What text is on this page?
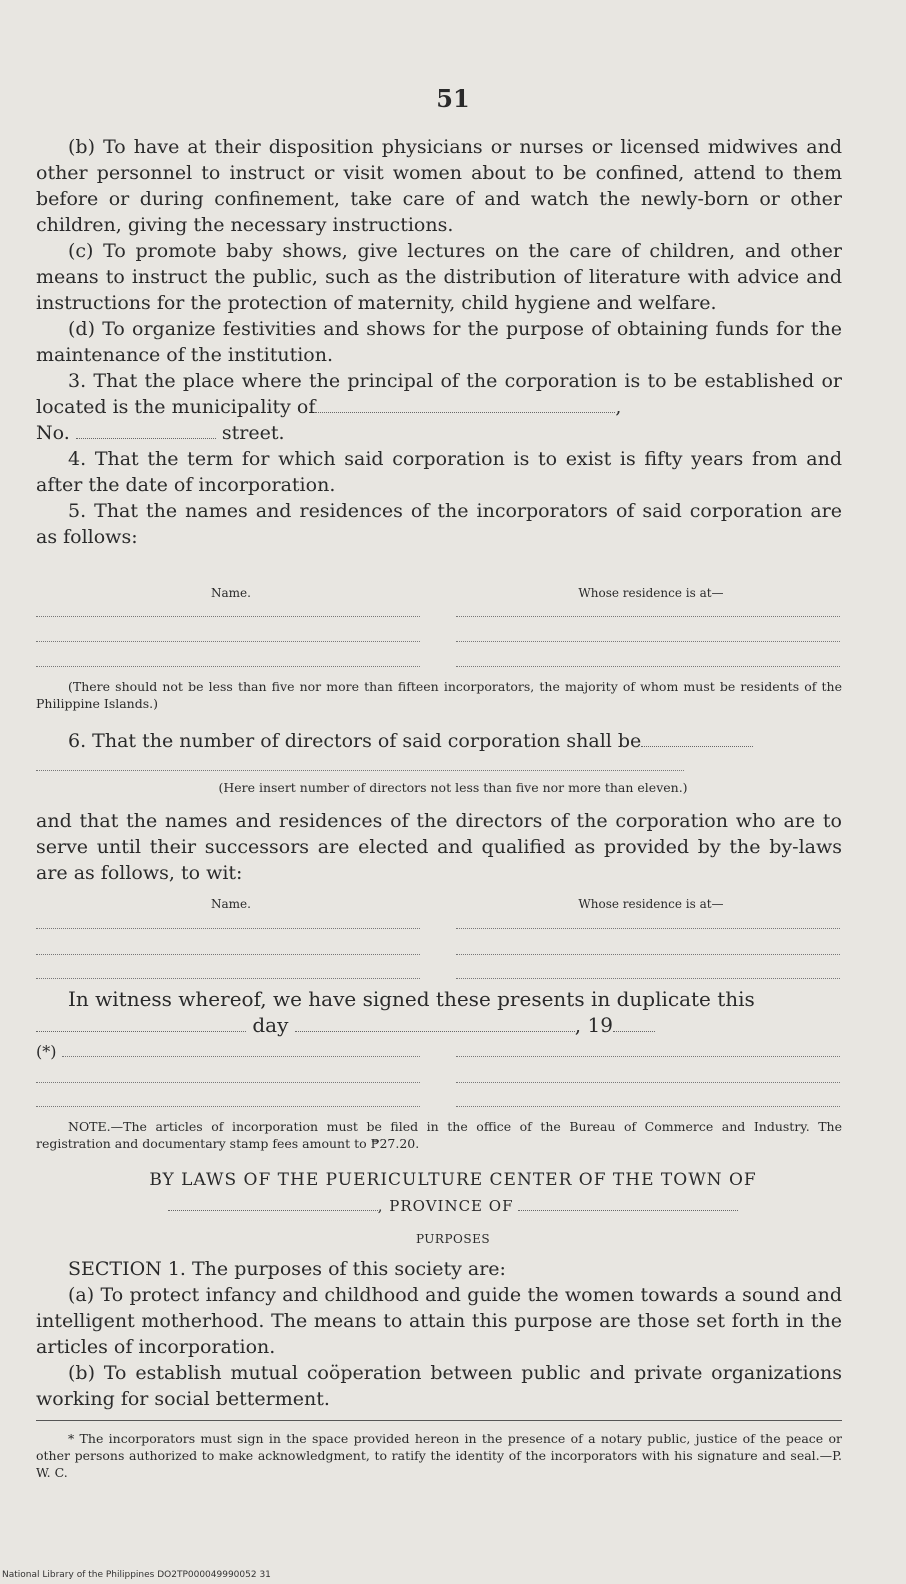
51

(b) To have at their disposition physicians or nurses or licensed midwives and other personnel to instruct or visit women about to be confined, attend to them before or during confinement, take care of and watch the newly-born or other children, giving the necessary instructions.

(c) To promote baby shows, give lectures on the care of children, and other means to instruct the public, such as the distribution of literature with advice and instructions for the protection of maternity, child hygiene and welfare.

(d) To organize festivities and shows for the purpose of obtaining funds for the maintenance of the institution.

3. That the place where the principal of the corporation is to be established or located is the municipality of	,

No.	street.

4. That the term for which said corporation is to exist is fifty years from and after the date of incorporation.

5. That the names and residences of the incorporators of said corporation are as follows:

Name.	Whose residence is at—
(There should not be less than five nor more than fifteen incorporators, the majority of whom must be residents of the Philippine Islands.)

6. That the number of directors of said corporation shall be

(Here insert number of directors not less than five nor more than eleven.)

and that the names and residences of the directors of the corporation who are to serve until their successors are elected and qualified as provided by the by-laws are as follows, to wit:

Name.	Whose residence is at—

In witness whereof, we have signed these presents in duplicate this

day	, 19

(*)
NOTE.—The articles of incorporation must be filed in the office of the Bureau of Commerce and Industry. The registration and documentary stamp fees amount to ₱27.20.
BY LAWS OF THE PUERICULTURE CENTER OF THE TOWN OF
, PROVINCE OF
PURPOSES

SECTION 1. The purposes of this society are:

(a) To protect infancy and childhood and guide the women towards a sound and intelligent motherhood. The means to attain this purpose are those set forth in the articles of incorporation.

(b) To establish mutual coöperation between public and private organizations working for social betterment.

* The incorporators must sign in the space provided hereon in the presence of a notary public, justice of the peace or other persons authorized to make acknowledgment, to ratify the identity of the incorporators with his signature and seal.—P. W. C.
National Library of the Philippines DO2TP000049990052 31
